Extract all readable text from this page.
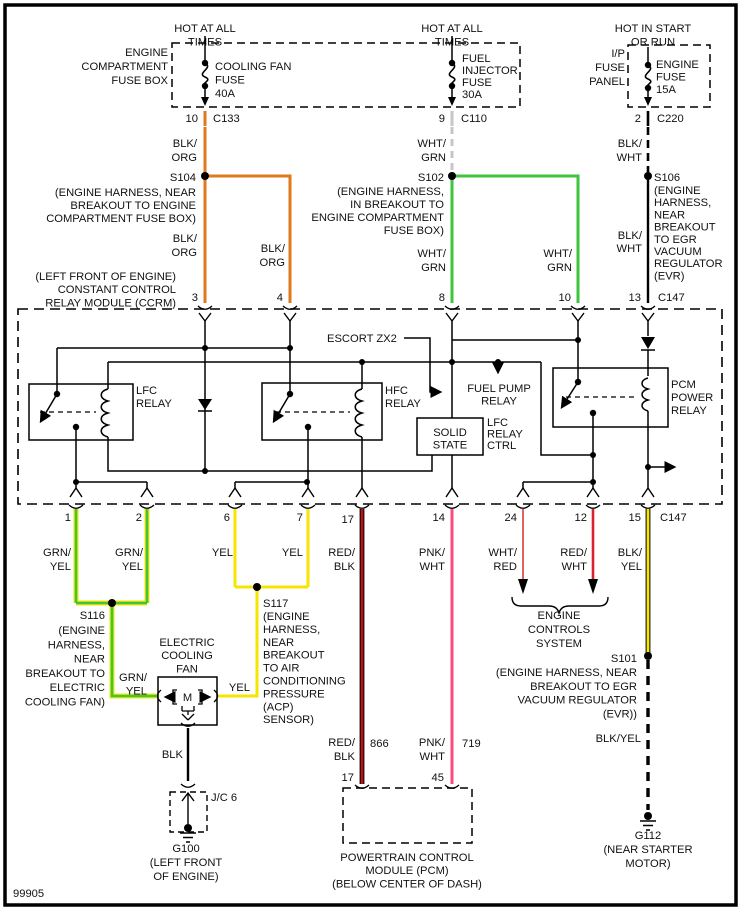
99905
HOT AT ALL TIMES
HOT AT ALL TIMES
HOT IN START OR RUN
ENGINE COMPARTMENT FUSE BOX
I/P FUSE PANEL
COOLING FAN FUSE 40A
FUEL INJECTOR FUSE 30A
ENGINE FUSE 15A
10 C133	9 C110	2 C220
BLK/ ORG
S104
(ENGINE HARNESS, NEAR BREAKOUT TO ENGINE COMPARTMENT FUSE BOX)
BLK/ ORG	BLK/ ORG
WHT/ GRN
S102
(ENGINE HARNESS, IN BREAKOUT TO ENGINE COMPARTMENT FUSE BOX)
WHT/ GRN
WHT/ GRN
BLK/ WHT
S106
(ENGINE HARNESS, NEAR BREAKOUT TO EGR VACUUM REGULATOR (EVR)
BLK/ WHT
(LEFT FRONT OF ENGINE) CONSTANT CONTROL RELAY MODULE (CCRM) 3	4	8	10	13 C147
ESCORT ZX2
LFC RELAY
HFC RELAY
FUEL PUMP RELAY
SOLID STATE
LFC RELAY CTRL
PCM POWER RELAY
1	2	6	7	17	14	24	12	15 C147
GRN/ YEL
GRN/ YEL
S116
(ENGINE HARNESS, NEAR BREAKOUT TO ELECTRIC COOLING FAN)
GRN/ YEL
YEL	YEL
YEL
S117
(ENGINE HARNESS, NEAR BREAKOUT TO AIR CONDITIONING PRESSURE (ACP) SENSOR)
RED/ BLK
RED/ BLK
866
PNK/ WHT
PNK/ WHT
719
WHT/ RED
RED/ WHT
ENGINE CONTROLS SYSTEM
BLK/ YEL
S101
(ENGINE HARNESS, NEAR BREAKOUT TO EGR VACUUM REGULATOR (EVR))
BLK/YEL
G112
(NEAR STARTER MOTOR)
ELECTRIC COOLING FAN
M
BLK
J/C 6
G100
(LEFT FRONT OF ENGINE)
17	45
POWERTRAIN CONTROL MODULE (PCM) (BELOW CENTER OF DASH)
